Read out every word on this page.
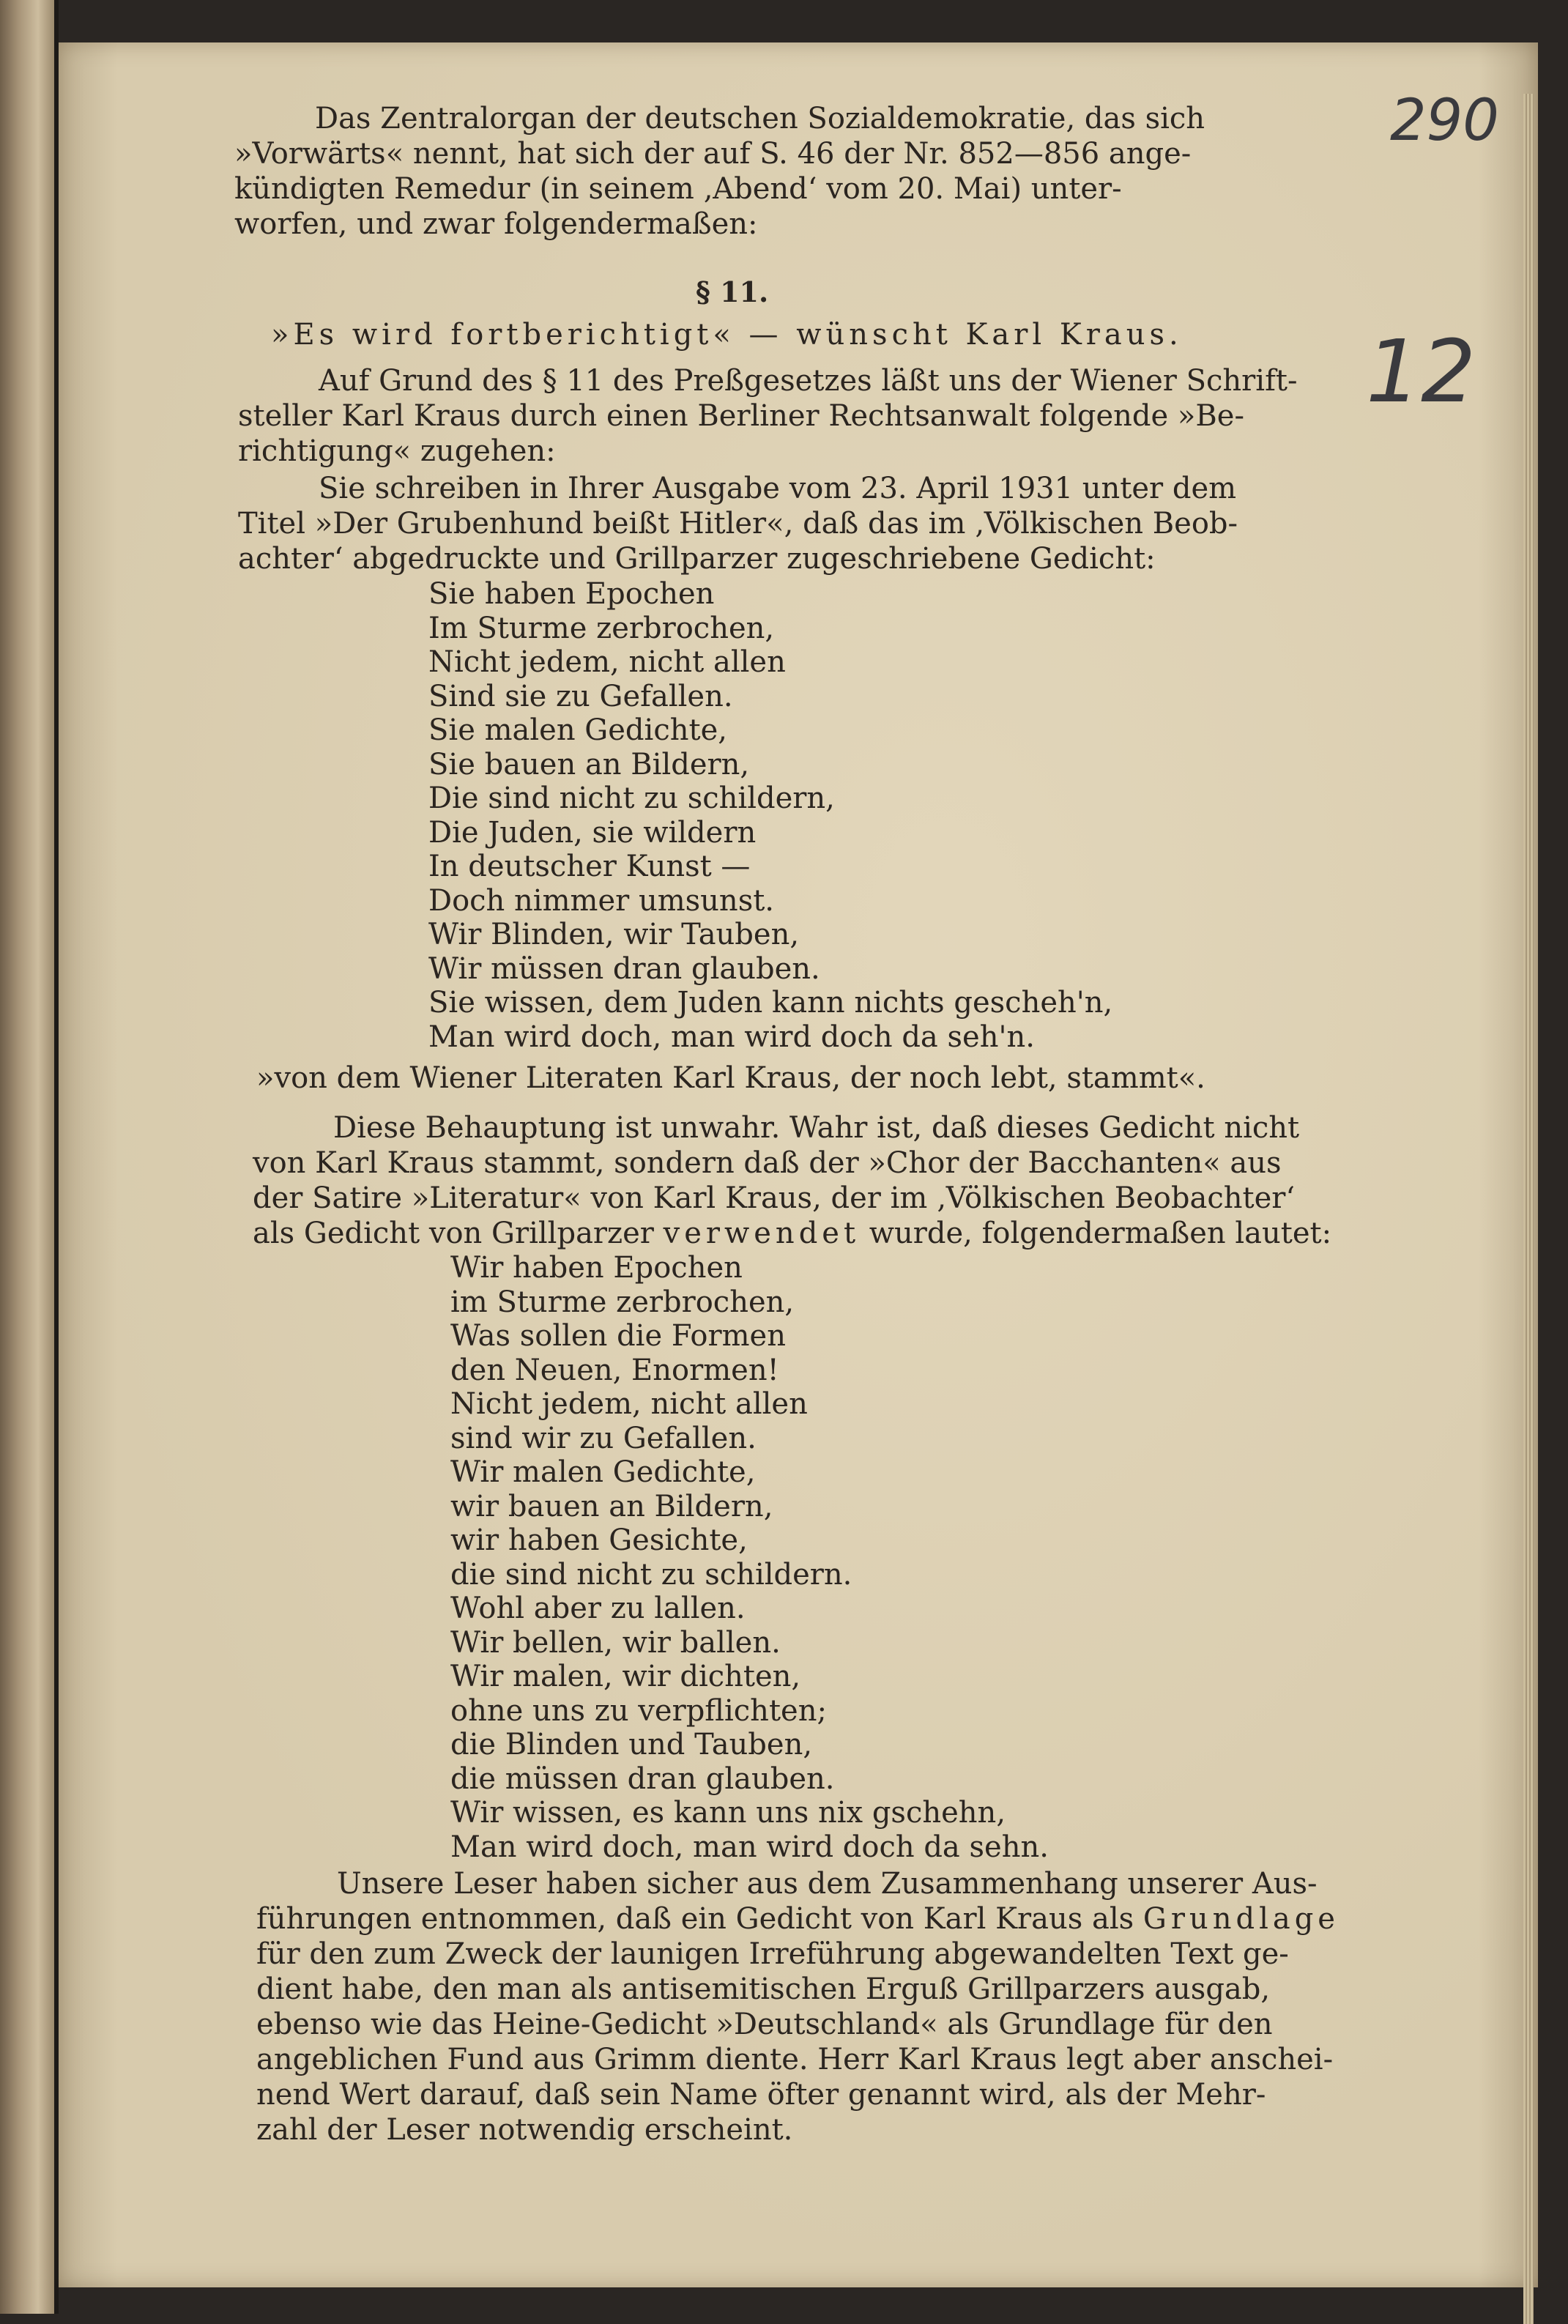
290
12

Das Zentralorgan der deutschen Sozialdemokratie, das sich

»Vorwärts« nennt, hat sich der auf S. 46 der Nr. 852—856 ange-

kündigten Remedur (in seinem ‚Abend‘ vom 20. Mai) unter-

worfen, und zwar folgendermaßen:

§ 11.
»Es wird fortberichtigt« — wünscht Karl Kraus.

Auf Grund des § 11 des Preßgesetzes läßt uns der Wiener Schrift-

steller Karl Kraus durch einen Berliner Rechtsanwalt folgende »Be-

richtigung« zugehen:

Sie schreiben in Ihrer Ausgabe vom 23. April 1931 unter dem

Titel »Der Grubenhund beißt Hitler«, daß das im ‚Völkischen Beob-

achter‘ abgedruckte und Grillparzer zugeschriebene Gedicht:

Sie haben Epochen
Im Sturme zerbrochen,
Nicht jedem, nicht allen
Sind sie zu Gefallen.
Sie malen Gedichte,
Sie bauen an Bildern,
Die sind nicht zu schildern,
Die Juden, sie wildern
In deutscher Kunst —
Doch nimmer umsunst.
Wir Blinden, wir Tauben,
Wir müssen dran glauben.
Sie wissen, dem Juden kann nichts gescheh'n,
Man wird doch, man wird doch da seh'n.
»von dem Wiener Literaten Karl Kraus, der noch lebt, stammt«.

Diese Behauptung ist unwahr. Wahr ist, daß dieses Gedicht nicht

von Karl Kraus stammt, sondern daß der »Chor der Bacchanten« aus

der Satire »Literatur« von Karl Kraus, der im ‚Völkischen Beobachter‘

als Gedicht von Grillparzer verwendet wurde, folgendermaßen lautet:

Wir haben Epochen
im Sturme zerbrochen,
Was sollen die Formen
den Neuen, Enormen!
Nicht jedem, nicht allen
sind wir zu Gefallen.
Wir malen Gedichte,
wir bauen an Bildern,
wir haben Gesichte,
die sind nicht zu schildern.
Wohl aber zu lallen.
Wir bellen, wir ballen.
Wir malen, wir dichten,
ohne uns zu verpflichten;
die Blinden und Tauben,
die müssen dran glauben.
Wir wissen, es kann uns nix gschehn,
Man wird doch, man wird doch da sehn.

Unsere Leser haben sicher aus dem Zusammenhang unserer Aus-

führungen entnommen, daß ein Gedicht von Karl Kraus als Grundlage

für den zum Zweck der launigen Irreführung abgewandelten Text ge-

dient habe, den man als antisemitischen Erguß Grillparzers ausgab,

ebenso wie das Heine-Gedicht »Deutschland« als Grundlage für den

angeblichen Fund aus Grimm diente. Herr Karl Kraus legt aber anschei-

nend Wert darauf, daß sein Name öfter genannt wird, als der Mehr-

zahl der Leser notwendig erscheint.
